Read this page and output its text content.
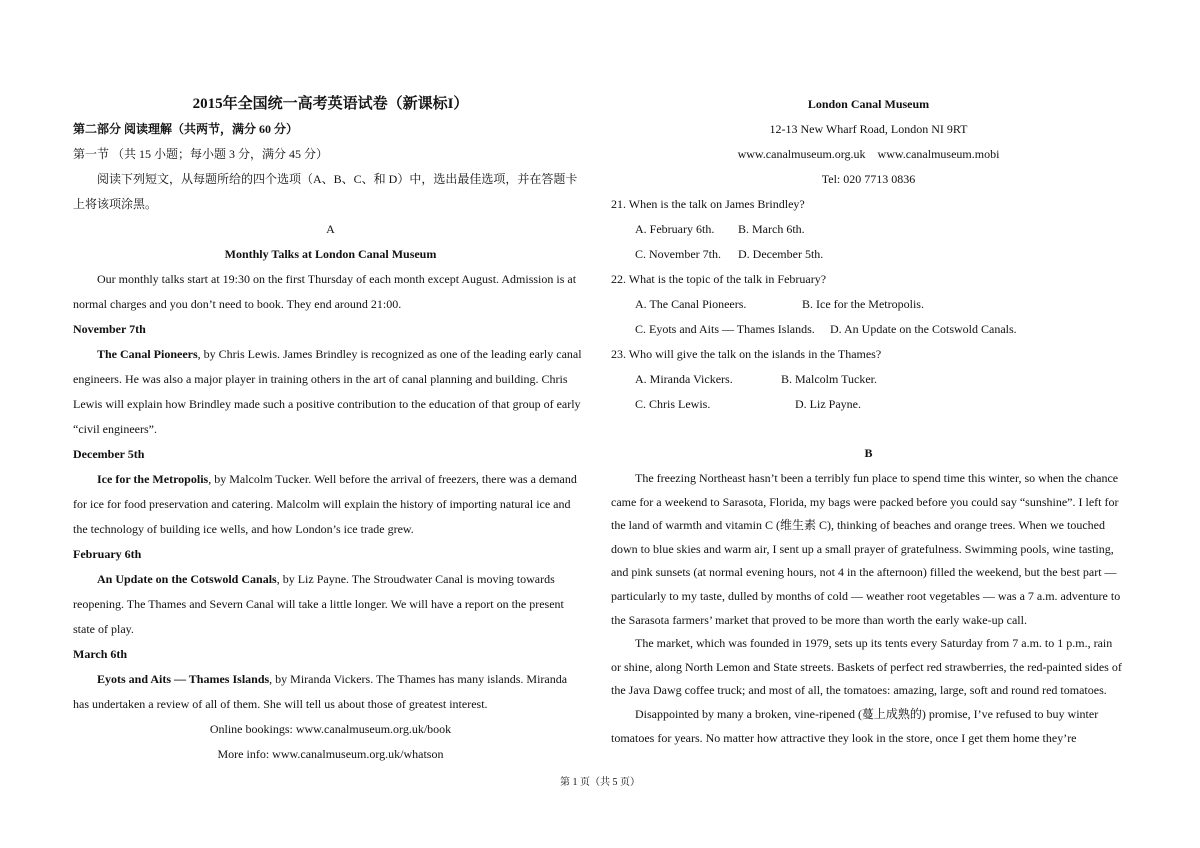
2015年全国统一高考英语试卷（新课标I）
第二部分 阅读理解（共两节，满分 60 分）
第一节 （共 15 小题；每小题 3 分，满分 45 分）
阅读下列短文，从每题所给的四个选项（A、B、C、和 D）中，选出最佳选项，并在答题卡
上将该项涂黑。
A
Monthly Talks at London Canal Museum
Our monthly talks start at 19:30 on the first Thursday of each month except August. Admission is at
normal charges and you don’t need to book. They end around 21:00.
November 7th
The Canal Pioneers, by Chris Lewis. James Brindley is recognized as one of the leading early canal
engineers. He was also a major player in training others in the art of canal planning and building. Chris
Lewis will explain how Brindley made such a positive contribution to the education of that group of early
“civil engineers”.
December 5th
Ice for the Metropolis, by Malcolm Tucker. Well before the arrival of freezers, there was a demand
for ice for food preservation and catering. Malcolm will explain the history of importing natural ice and
the technology of building ice wells, and how London’s ice trade grew.
February 6th
An Update on the Cotswold Canals, by Liz Payne. The Stroudwater Canal is moving towards
reopening. The Thames and Severn Canal will take a little longer. We will have a report on the present
state of play.
March 6th
Eyots and Aits — Thames Islands, by Miranda Vickers. The Thames has many islands. Miranda
has undertaken a review of all of them. She will tell us about those of greatest interest.
Online bookings: www.canalmuseum.org.uk/book
More info: www.canalmuseum.org.uk/whatson
London Canal Museum
12-13 New Wharf Road, London NI 9RT
www.canalmuseum.org.uk    www.canalmuseum.mobi
Tel: 020 7713 0836
21. When is the talk on James Brindley?
A. February 6th. B. March 6th.
C. November 7th. D. December 5th.
22. What is the topic of the talk in February?
A. The Canal Pioneers.	B. Ice for the Metropolis.
C. Eyots and Aits — Thames Islands. D. An Update on the Cotswold Canals.
23. Who will give the talk on the islands in the Thames?
A. Miranda Vickers.	B. Malcolm Tucker.
C. Chris Lewis.	D. Liz Payne.
B
The freezing Northeast hasn’t been a terribly fun place to spend time this winter, so when the chance
came for a weekend to Sarasota, Florida, my bags were packed before you could say “sunshine”. I left for
the land of warmth and vitamin C (维生素 C), thinking of beaches and orange trees. When we touched
down to blue skies and warm air, I sent up a small prayer of gratefulness. Swimming pools, wine tasting,
and pink sunsets (at normal evening hours, not 4 in the afternoon) filled the weekend, but the best part —
particularly to my taste, dulled by months of cold — weather root vegetables — was a 7 a.m. adventure to
the Sarasota farmers’ market that proved to be more than worth the early wake-up call.
The market, which was founded in 1979, sets up its tents every Saturday from 7 a.m. to 1 p.m., rain
or shine, along North Lemon and State streets. Baskets of perfect red strawberries, the red-painted sides of
the Java Dawg coffee truck; and most of all, the tomatoes: amazing, large, soft and round red tomatoes.
Disappointed by many a broken, vine-ripened (蔓上成熟的) promise, I’ve refused to buy winter
tomatoes for years. No matter how attractive they look in the store, once I get them home they’re
第 1 页（共 5 页）
